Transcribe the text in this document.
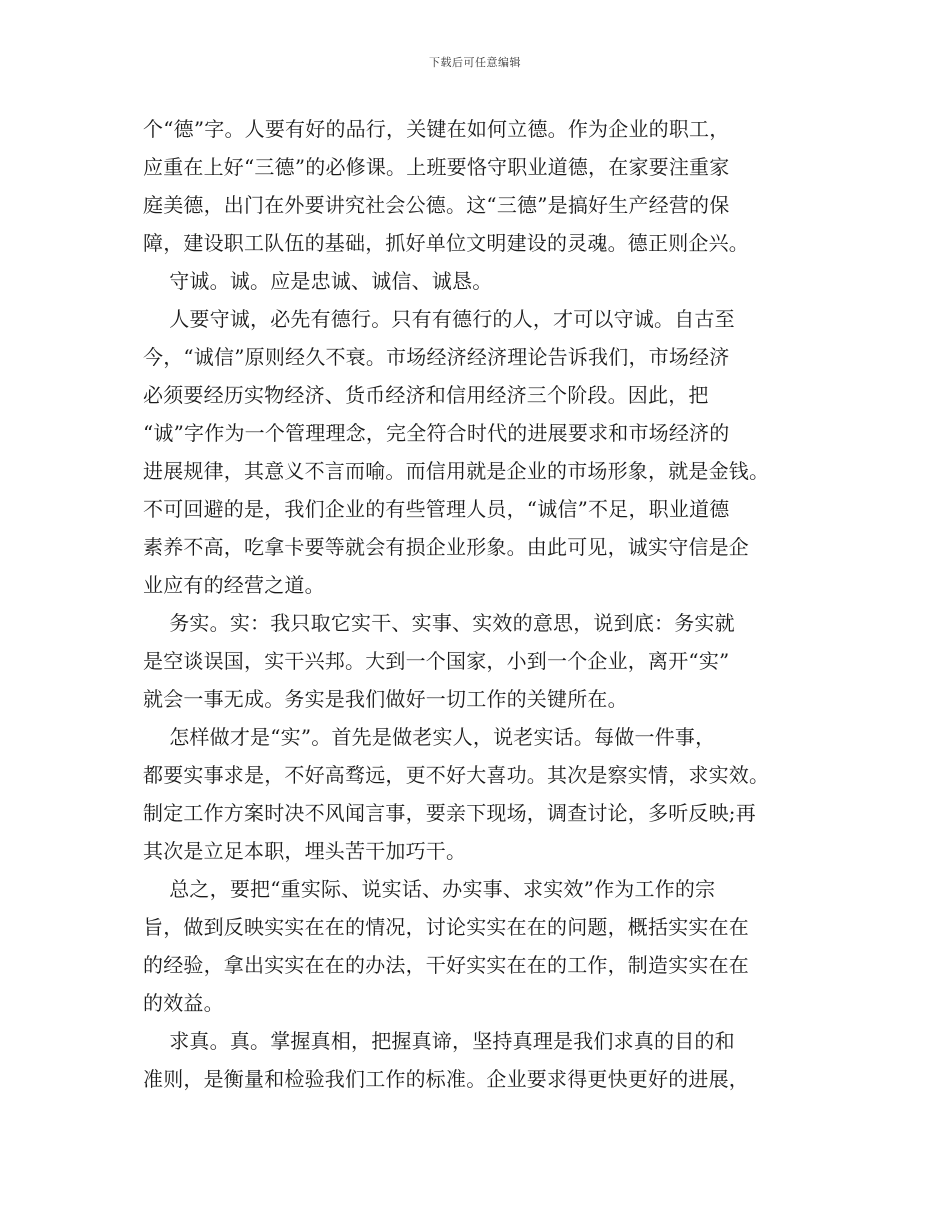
下载后可任意编辑
个“德”字。人要有好的品行，关键在如何立德。作为企业的职工，
应重在上好“三德”的必修课。上班要恪守职业道德，在家要注重家
庭美德，出门在外要讲究社会公德。这“三德”是搞好生产经营的保
障，建设职工队伍的基础，抓好单位文明建设的灵魂。德正则企兴。
守诚。诚。应是忠诚、诚信、诚恳。
人要守诚，必先有德行。只有有德行的人，才可以守诚。自古至
今，“诚信”原则经久不衰。市场经济经济理论告诉我们，市场经济
必须要经历实物经济、货币经济和信用经济三个阶段。因此，把
“诚”字作为一个管理理念，完全符合时代的进展要求和市场经济的
进展规律，其意义不言而喻。而信用就是企业的市场形象，就是金钱。
不可回避的是，我们企业的有些管理人员，“诚信”不足，职业道德
素养不高，吃拿卡要等就会有损企业形象。由此可见，诚实守信是企
业应有的经营之道。
务实。实：我只取它实干、实事、实效的意思，说到底：务实就
是空谈误国，实干兴邦。大到一个国家，小到一个企业，离开“实”
就会一事无成。务实是我们做好一切工作的关键所在。
怎样做才是“实”。首先是做老实人，说老实话。每做一件事，
都要实事求是，不好高骛远，更不好大喜功。其次是察实情，求实效。
制定工作方案时决不风闻言事，要亲下现场，调查讨论，多听反映;再
其次是立足本职，埋头苦干加巧干。
总之，要把“重实际、说实话、办实事、求实效”作为工作的宗
旨，做到反映实实在在的情况，讨论实实在在的问题，概括实实在在
的经验，拿出实实在在的办法，干好实实在在的工作，制造实实在在
的效益。
求真。真。掌握真相，把握真谛，坚持真理是我们求真的目的和
准则，是衡量和检验我们工作的标准。企业要求得更快更好的进展，
